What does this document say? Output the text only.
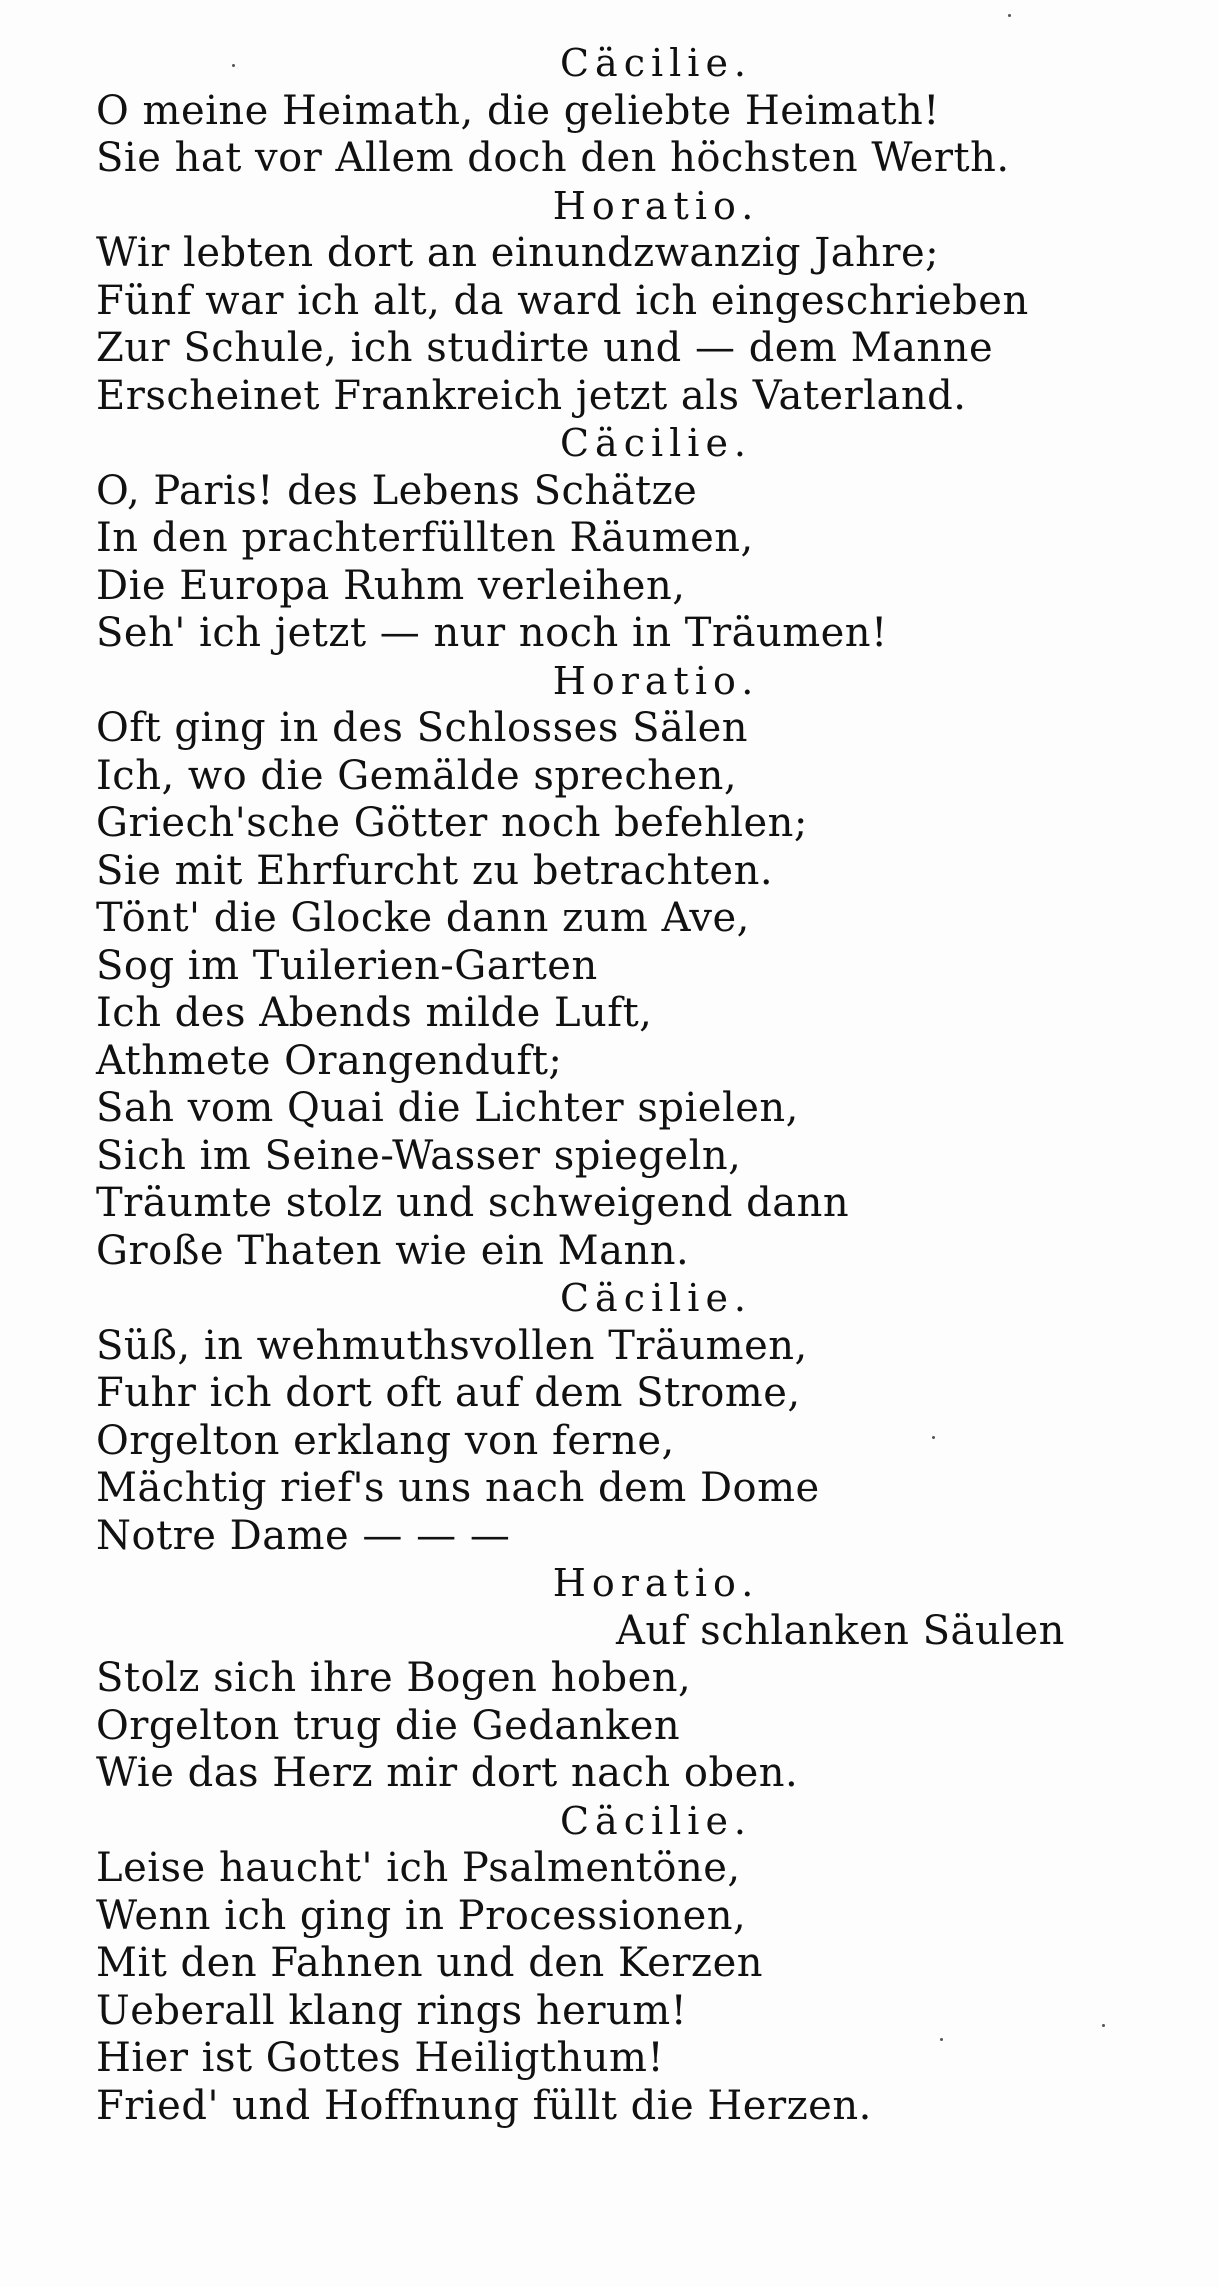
Cäcilie.
O meine Heimath, die geliebte Heimath!
Sie hat vor Allem doch den höchsten Werth.
Horatio.
Wir lebten dort an einundzwanzig Jahre;
Fünf war ich alt, da ward ich eingeschrieben
Zur Schule, ich studirte und — dem Manne
Erscheinet Frankreich jetzt als Vaterland.
Cäcilie.
O, Paris! des Lebens Schätze
In den prachterfüllten Räumen,
Die Europa Ruhm verleihen,
Seh' ich jetzt — nur noch in Träumen!
Horatio.
Oft ging in des Schlosses Sälen
Ich, wo die Gemälde sprechen,
Griech'sche Götter noch befehlen;
Sie mit Ehrfurcht zu betrachten.
Tönt' die Glocke dann zum Ave,
Sog im Tuilerien-Garten
Ich des Abends milde Luft,
Athmete Orangenduft;
Sah vom Quai die Lichter spielen,
Sich im Seine-Wasser spiegeln,
Träumte stolz und schweigend dann
Große Thaten wie ein Mann.
Cäcilie.
Süß, in wehmuthsvollen Träumen,
Fuhr ich dort oft auf dem Strome,
Orgelton erklang von ferne,
Mächtig rief's uns nach dem Dome
Notre Dame — — —
Horatio.
Auf schlanken Säulen
Stolz sich ihre Bogen hoben,
Orgelton trug die Gedanken
Wie das Herz mir dort nach oben.
Cäcilie.
Leise haucht' ich Psalmentöne,
Wenn ich ging in Processionen,
Mit den Fahnen und den Kerzen
Ueberall klang rings herum!
Hier ist Gottes Heiligthum!
Fried' und Hoffnung füllt die Herzen.
